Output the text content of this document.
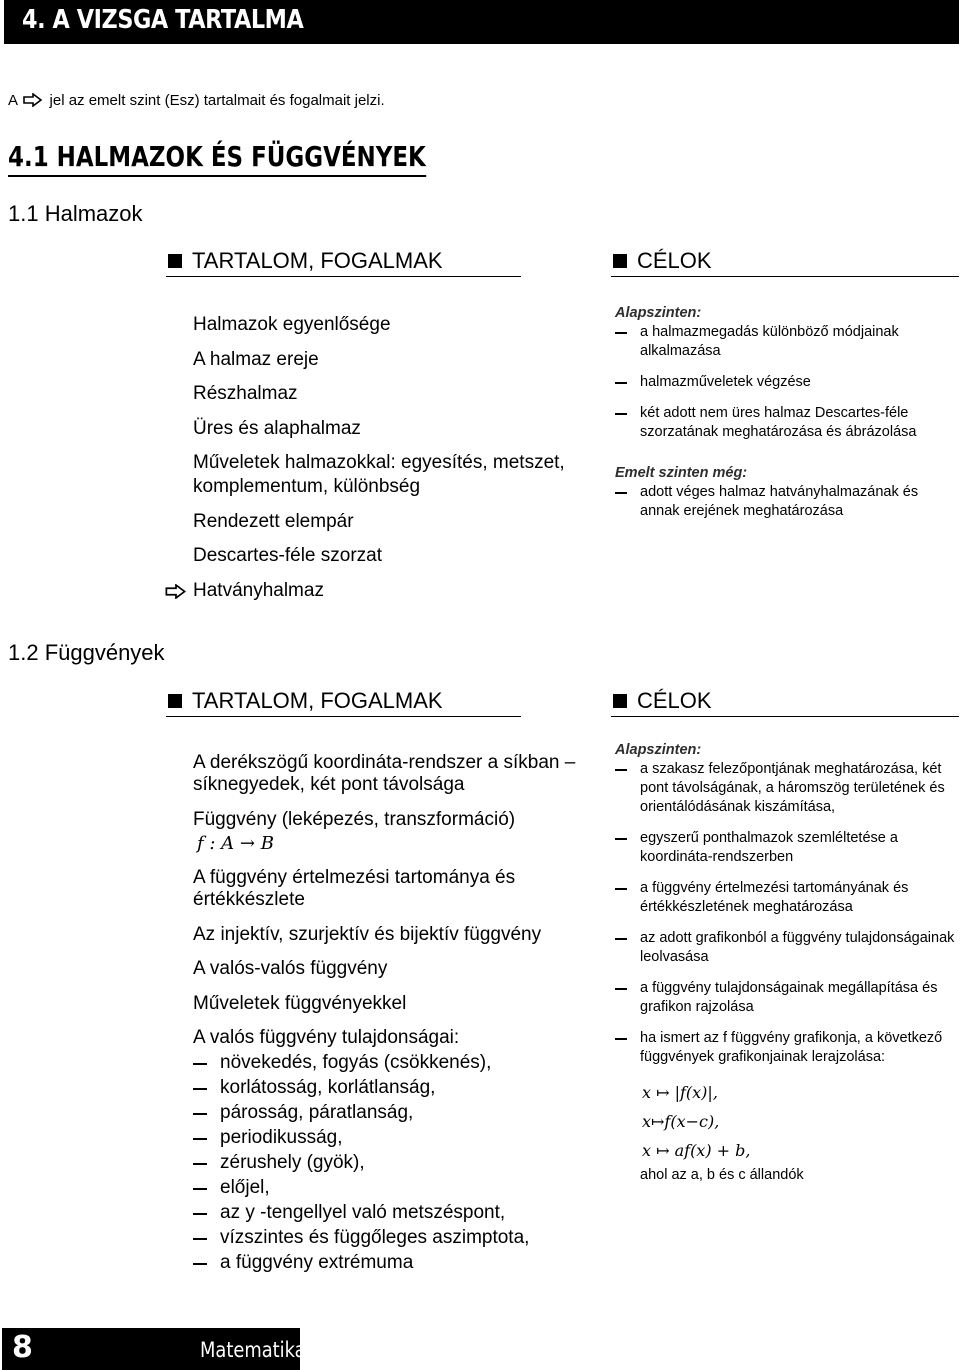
4. A VIZSGA TARTALMA
A jel az emelt szint (Esz) tartalmait és fogalmait jelzi.
4.1 HALMAZOK ÉS FÜGGVÉNYEK
1.1 Halmazok
TARTALOM, FOGALMAK	CÉLOK
Halmazok egyenlősége
A halmaz ereje
Részhalmaz
Üres és alaphalmaz
Műveletek halmazokkal: egyesítés, metszet,
komplementum, különbség
Rendezett elempár
Descartes-féle szorzat
Hatványhalmaz
Alapszinten:
a halmazmegadás különböző módjainak alkalmazása
halmazműveletek végzése
két adott nem üres halmaz Descartes-féle szorzatának meghatározása és ábrázolása
Emelt szinten még:
adott véges halmaz hatványhalmazának és annak erejének meghatározása
1.2 Függvények
TARTALOM, FOGALMAK	CÉLOK
A derékszögű koordináta-rendszer a síkban – síknegyedek, két pont távolsága
Függvény (leképezés, transzformáció)
f : A → B
A függvény értelmezési tartománya és értékkészlete
Az injektív, szurjektív és bijektív függvény
A valós-valós függvény
Műveletek függvényekkel
A valós függvény tulajdonságai:
növekedés, fogyás (csökkenés),
korlátosság, korlátlanság,
párosság, páratlanság,
periodikusság,
zérushely (gyök),
előjel,
az y -tengellyel való metszéspont,
vízszintes és függőleges aszimptota,
a függvény extrémuma
Alapszinten:
a szakasz felezőpontjának meghatározása, két pont távolságának, a háromszög területének és orientálódásának kiszámítása,
egyszerű ponthalmazok szemléltetése a koordináta-rendszerben
a függvény értelmezési tartományának és értékkészletének meghatározása
az adott grafikonból a függvény tulajdonságainak leolvasása
a függvény tulajdonságainak megállapítása és grafikon rajzolása
ha ismert az f függvény grafikonja, a következő függvények grafikonjainak lerajzolása:
x ↦ |f(x)|,
x↦f(x−c),
x ↦ af(x) + b,
ahol az a, b és c állandók
8	Matematika
